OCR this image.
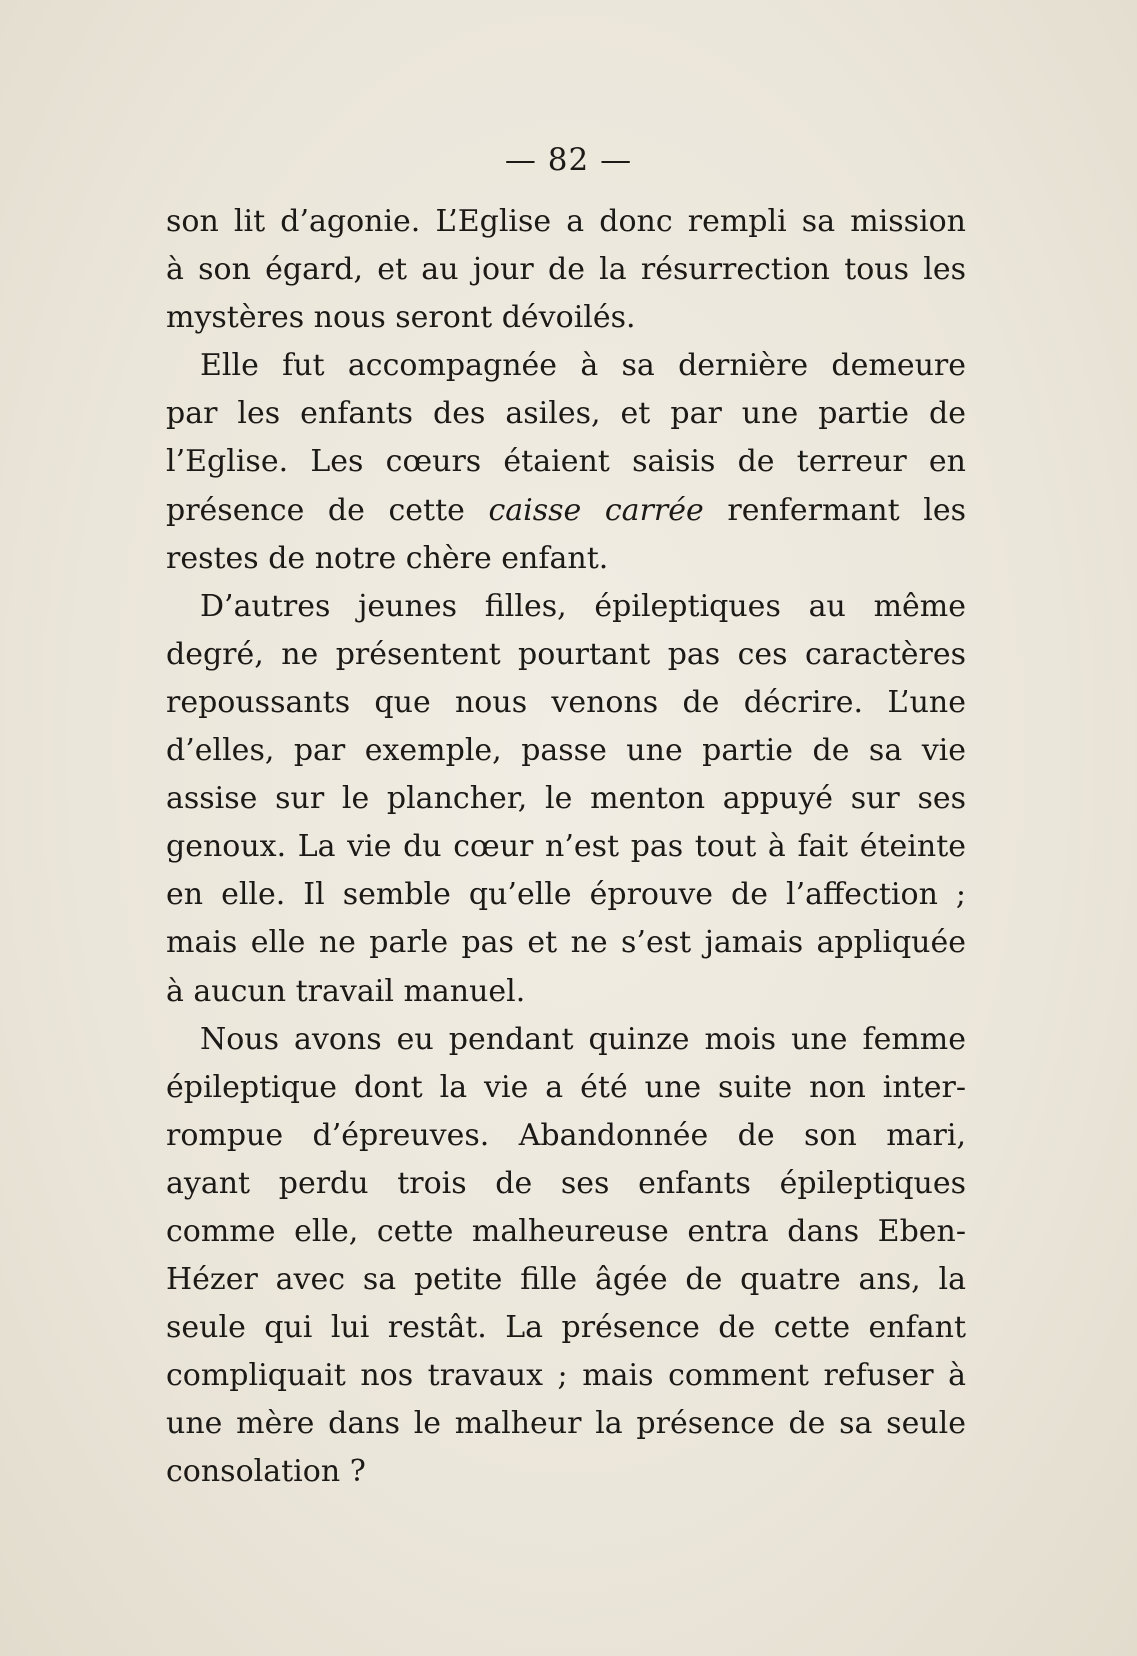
— 82 —
son lit d’agonie. L’Eglise a donc rempli sa mission
à son égard, et au jour de la résurrection tous les
mystères nous seront dévoilés.
Elle fut accompagnée à sa dernière demeure
par les enfants des asiles, et par une partie de
l’Eglise. Les cœurs étaient saisis de terreur en
présence de cette caisse carrée renfermant les
restes de notre chère enfant.
D’autres jeunes filles, épileptiques au même
degré, ne présentent pourtant pas ces caractères
repoussants que nous venons de décrire. L’une
d’elles, par exemple, passe une partie de sa vie
assise sur le plancher, le menton appuyé sur ses
genoux. La vie du cœur n’est pas tout à fait éteinte
en elle. Il semble qu’elle éprouve de l’affection ;
mais elle ne parle pas et ne s’est jamais appliquée
à aucun travail manuel.
Nous avons eu pendant quinze mois une femme
épileptique dont la vie a été une suite non inter-
rompue d’épreuves. Abandonnée de son mari,
ayant perdu trois de ses enfants épileptiques
comme elle, cette malheureuse entra dans Eben-
Hézer avec sa petite fille âgée de quatre ans, la
seule qui lui restât. La présence de cette enfant
compliquait nos travaux ; mais comment refuser à
une mère dans le malheur la présence de sa seule
consolation ?
